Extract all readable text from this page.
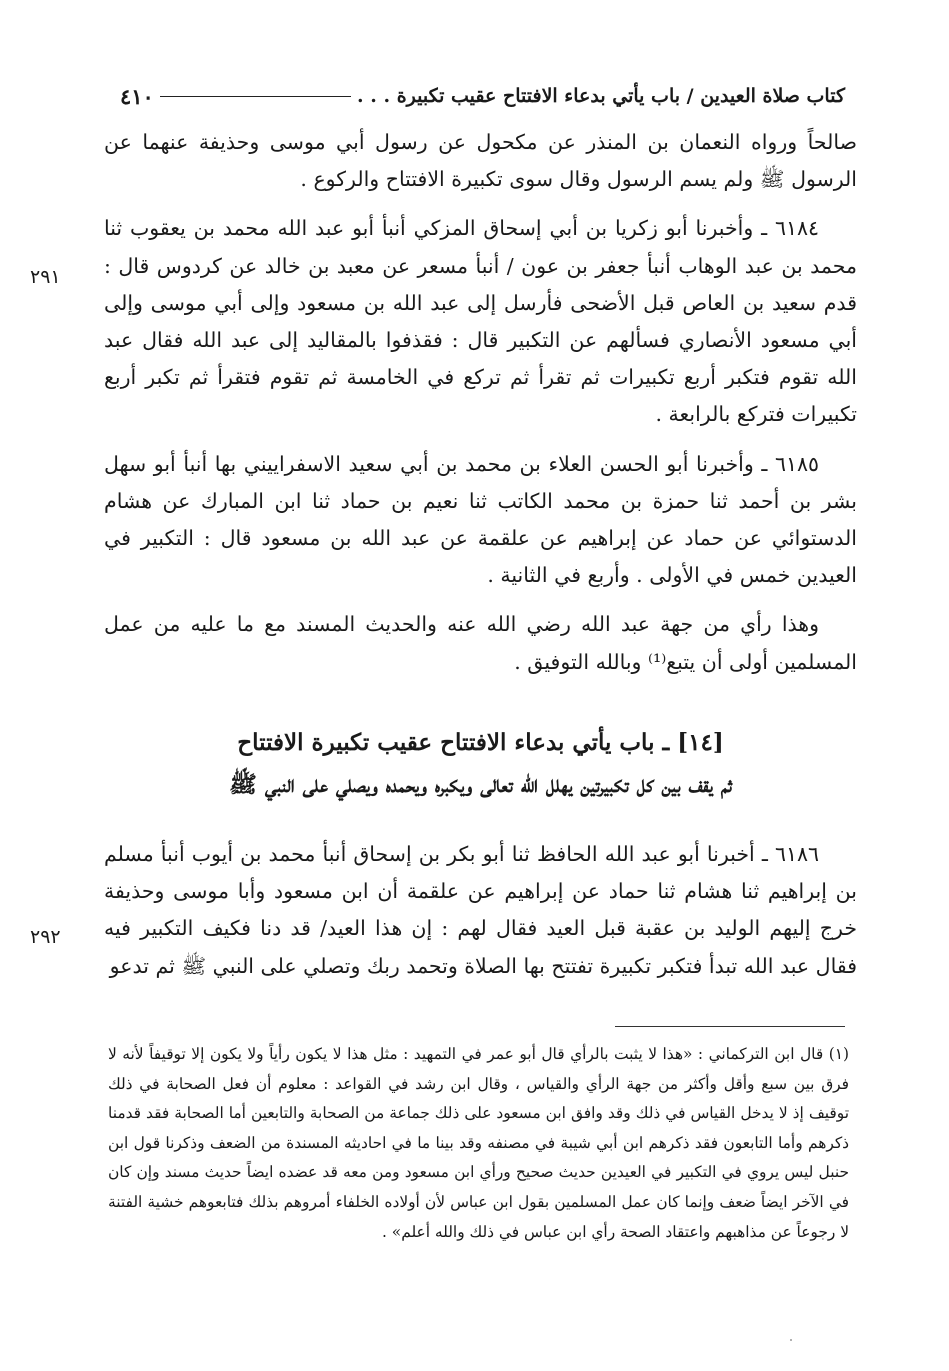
كتاب صلاة العيدين / باب يأتي بدعاء الافتتاح عقيب تكبيرة . . .
٤١٠
٢٩١

صالحاً ورواه النعمان بن المنذر عن مكحول عن رسول أبي موسى وحذيفة عنهما عن الرسول ﷺ ولم يسم الرسول وقال سوى تكبيرة الافتتاح والركوع .

٦١٨٤ ـ وأخبرنا أبو زكريا بن أبي إسحاق المزكي أنبأ أبو عبد الله محمد بن يعقوب ثنا محمد بن عبد الوهاب أنبأ جعفر بن عون / أنبأ مسعر عن معبد بن خالد عن كردوس قال : قدم سعيد بن العاص قبل الأضحى فأرسل إلى عبد الله بن مسعود وإلى أبي موسى وإلى أبي مسعود الأنصاري فسألهم عن التكبير قال : فقذفوا بالمقاليد إلى عبد الله فقال عبد الله تقوم فتكبر أربع تكبيرات ثم تقرأ ثم تركع في الخامسة ثم تقوم فتقرأ ثم تكبر أربع تكبيرات فتركع بالرابعة .

٦١٨٥ ـ وأخبرنا أبو الحسن العلاء بن محمد بن أبي سعيد الاسفراييني بها أنبأ أبو سهل بشر بن أحمد ثنا حمزة بن محمد الكاتب ثنا نعيم بن حماد ثنا ابن المبارك عن هشام الدستوائي عن حماد عن إبراهيم عن علقمة عن عبد الله بن مسعود قال : التكبير في العيدين خمس في الأولى . وأربع في الثانية .

وهذا رأي من جهة عبد الله رضي الله عنه والحديث المسند مع ما عليه من عمل المسلمين أولى أن يتبع⁽¹⁾ وبالله التوفيق .

[١٤] ـ باب يأتي بدعاء الافتتاح عقيب تكبيرة الافتتاح
ثم يقف بين كل تكبيرتين يهلل الله تعالى ويكبره ويحمده ويصلي على النبي ﷺ
٢٩٢

٦١٨٦ ـ أخبرنا أبو عبد الله الحافظ ثنا أبو بكر بن إسحاق أنبأ محمد بن أيوب أنبأ مسلم بن إبراهيم ثنا هشام ثنا حماد عن إبراهيم عن علقمة أن ابن مسعود وأبا موسى وحذيفة خرج إليهم الوليد بن عقبة قبل العيد فقال لهم : إن هذا العيد/ قد دنا فكيف التكبير فيه فقال عبد الله تبدأ فتكبر تكبيرة تفتتح بها الصلاة وتحمد ربك وتصلي على النبي ﷺ ثم تدعو

(١) قال ابن التركماني : «هذا لا يثبت بالرأي قال أبو عمر في التمهيد : مثل هذا لا يكون رأياً ولا يكون إلا توقيفاً لأنه لا فرق بين سبع وأقل وأكثر من جهة الرأي والقياس ، وقال ابن رشد في القواعد : معلوم أن فعل الصحابة في ذلك توقيف إذ لا يدخل القياس في ذلك وقد وافق ابن مسعود على ذلك جماعة من الصحابة والتابعين أما الصحابة فقد قدمنا ذكرهم وأما التابعون فقد ذكرهم ابن أبي شيبة في مصنفه وقد بينا ما في احاديثه المسندة من الضعف وذكرنا قول ابن حنبل ليس يروي في التكبير في العيدين حديث صحيح ورأي ابن مسعود ومن معه قد عضده ايضاً حديث مسند وإن كان في الآخر ايضاً ضعف وإنما كان عمل المسلمين بقول ابن عباس لأن أولاده الخلفاء أمروهم بذلك فتابعوهم خشية الفتنة لا رجوعاً عن مذاهبهم واعتقاد الصحة رأي ابن عباس في ذلك والله أعلم» .
